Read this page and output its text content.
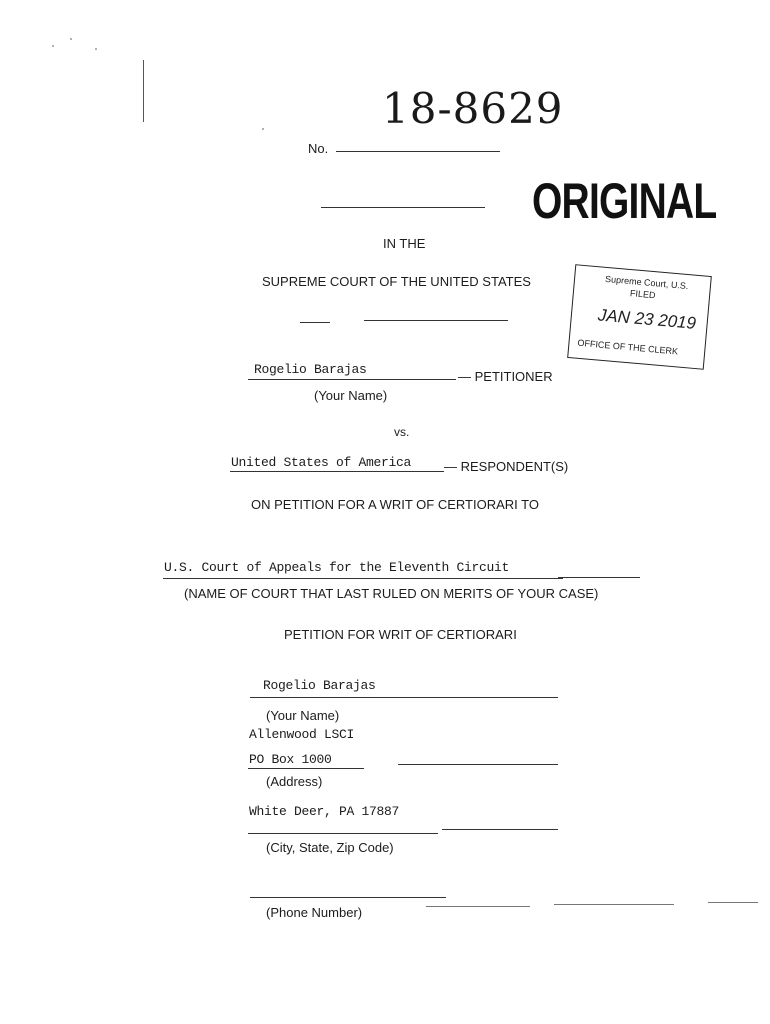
18-8629
No.
ORIGINAL
IN THE
SUPREME COURT OF THE UNITED STATES	Supreme Court, U.S.
FILED
JAN 23 2019
OFFICE OF THE CLERK
Rogelio Barajas	— PETITIONER
(Your Name)
vs.
United States of America	— RESPONDENT(S)
ON PETITION FOR A WRIT OF CERTIORARI TO
U.S. Court of Appeals for the Eleventh Circuit
(NAME OF COURT THAT LAST RULED ON MERITS OF YOUR CASE)
PETITION FOR WRIT OF CERTIORARI
Rogelio Barajas
(Your Name)
Allenwood LSCI
PO Box 1000
(Address)
White Deer, PA 17887
(City, State, Zip Code)
(Phone Number)
